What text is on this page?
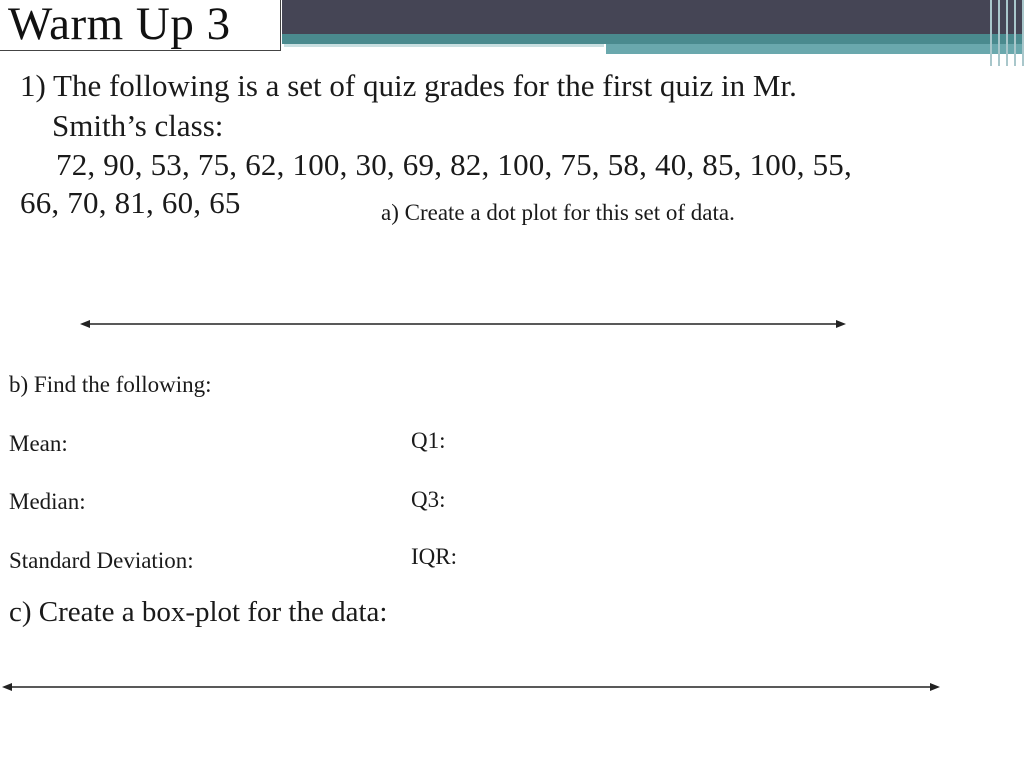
Warm Up 3
1) The following is a set of quiz grades for the first quiz in Mr.
Smith’s class:
72, 90, 53, 75, 62, 100, 30, 69, 82, 100, 75, 58, 40, 85, 100, 55,
66, 70, 81, 60, 65	a) Create a dot plot for this set of data.
b) Find the following:
Mean:
Median:
Standard Deviation:
Q1:
Q3:
IQR:
c) Create a box-plot for the data:
